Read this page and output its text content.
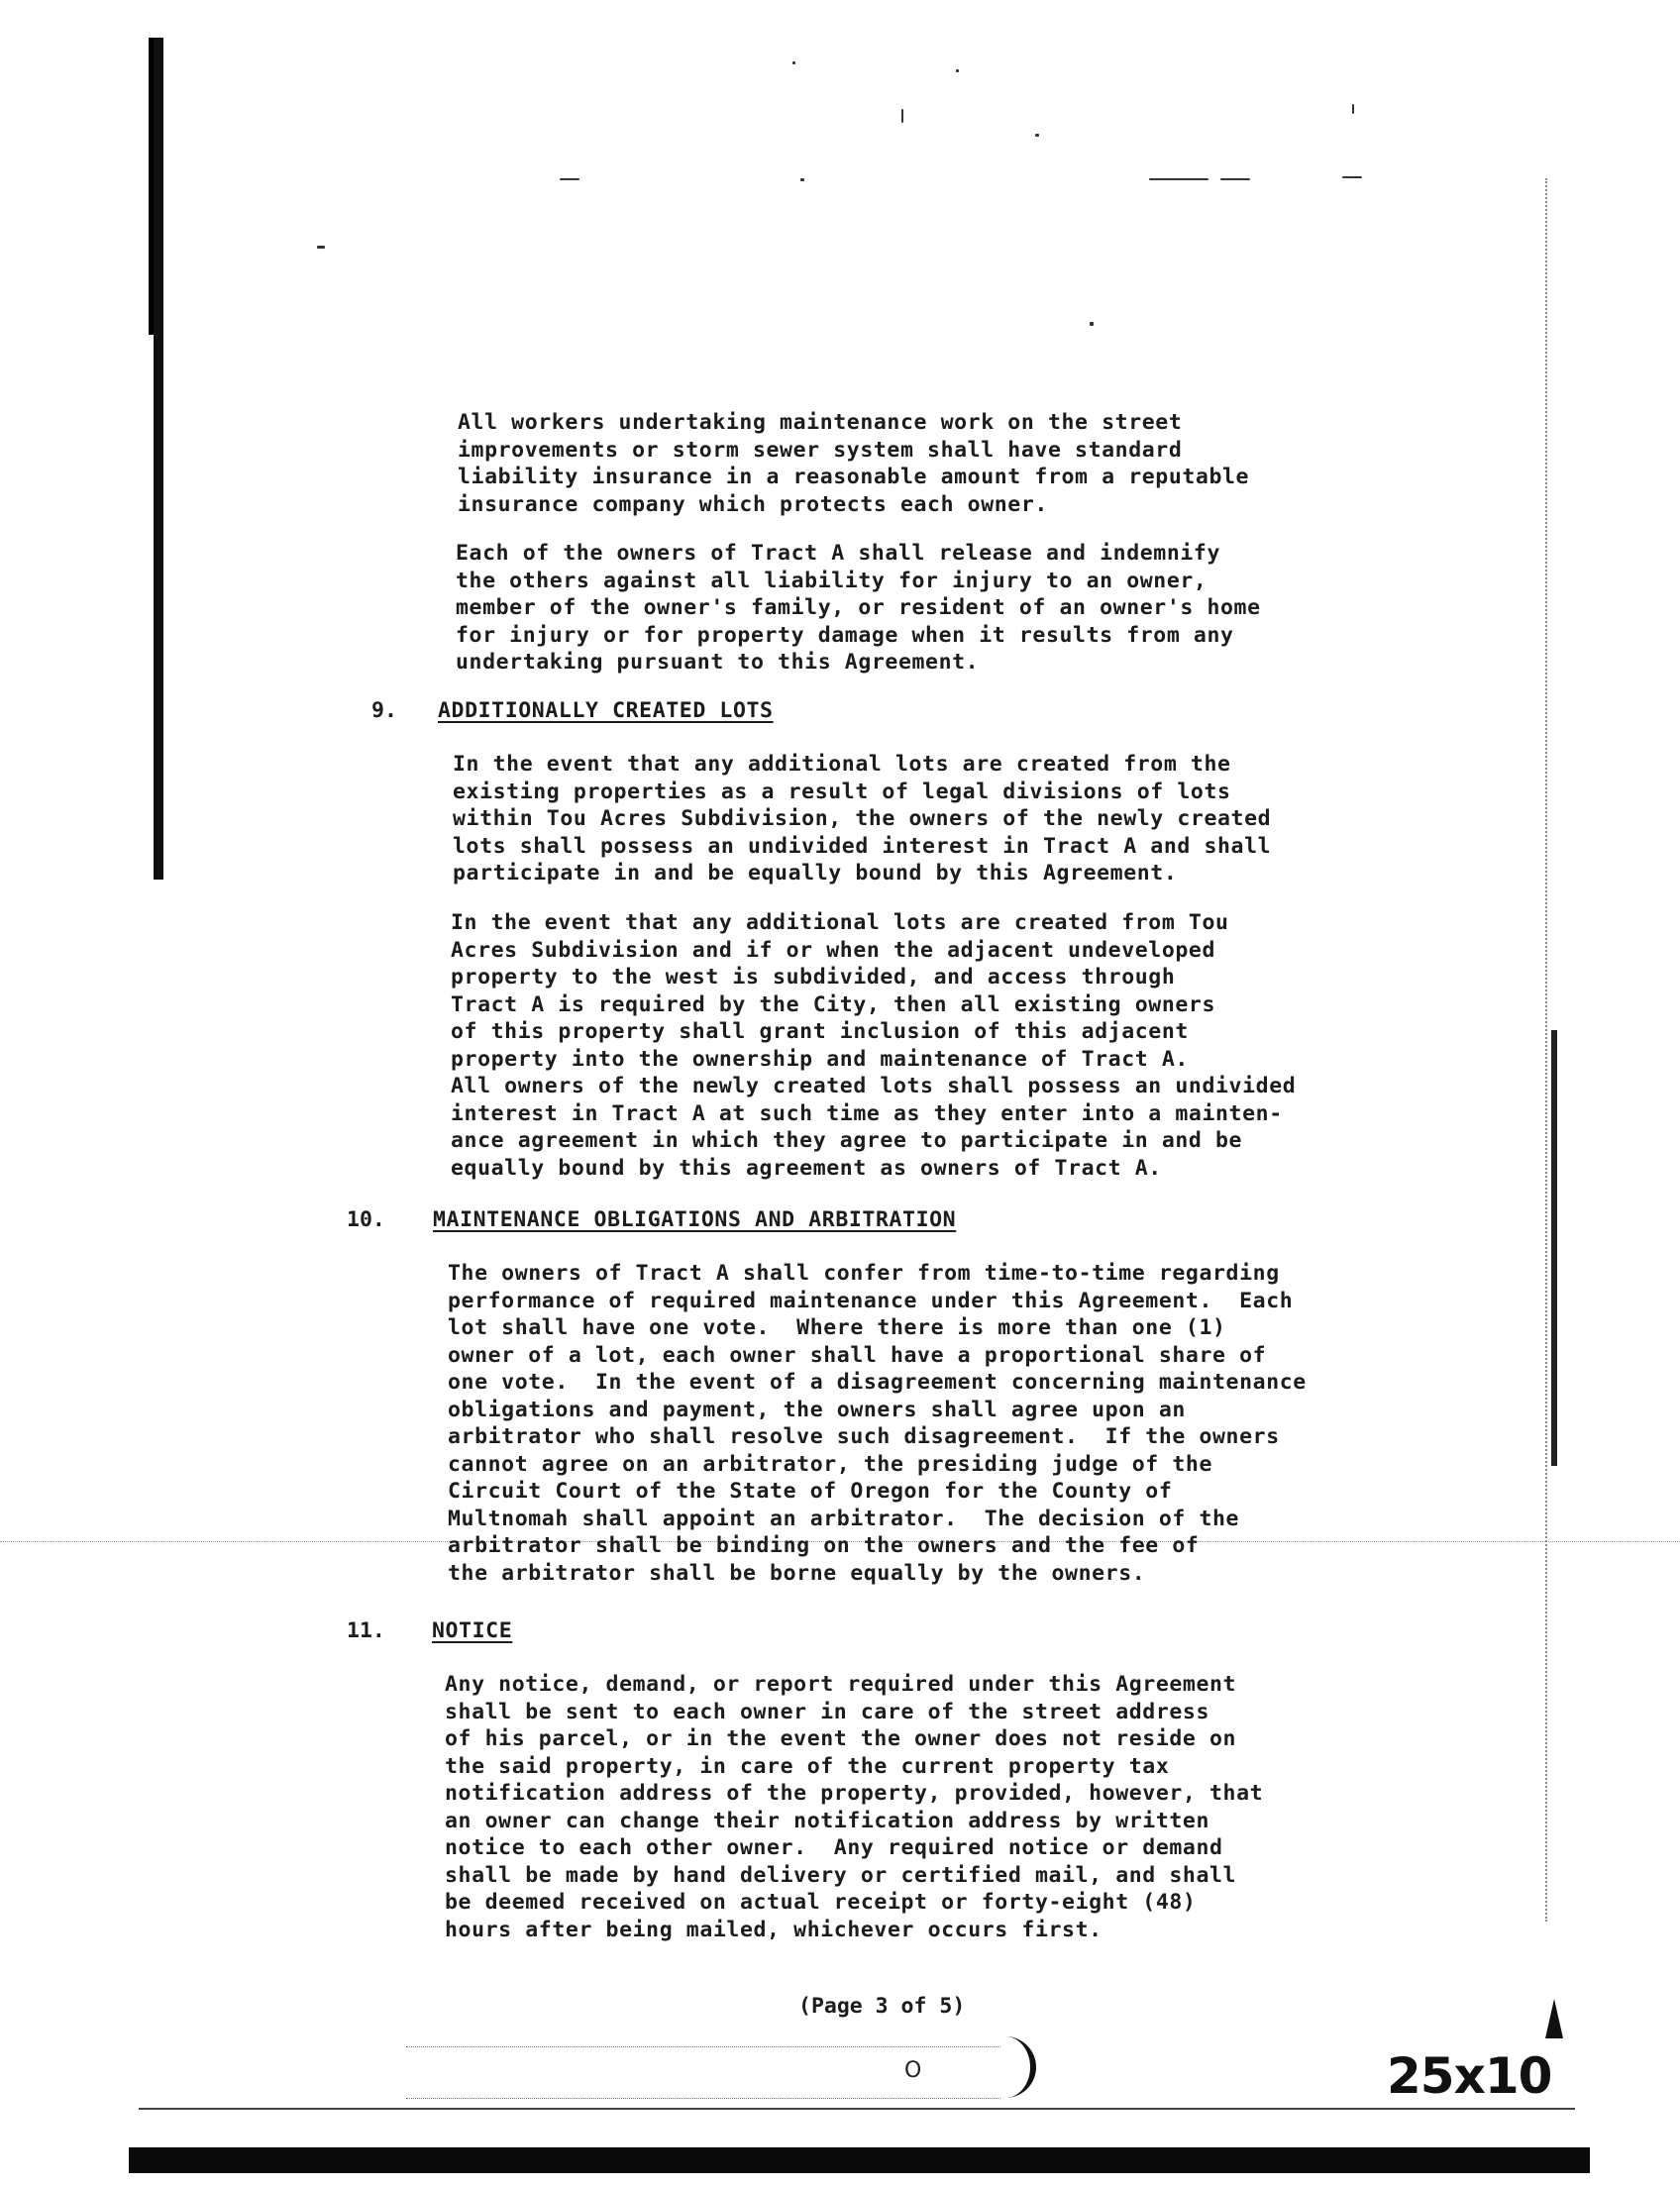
All workers undertaking maintenance work on the street
improvements or storm sewer system shall have standard
liability insurance in a reasonable amount from a reputable
insurance company which protects each owner.

Each of the owners of Tract A shall release and indemnify
the others against all liability for injury to an owner,
member of the owner's family, or resident of an owner's home
for injury or for property damage when it results from any
undertaking pursuant to this Agreement.

9. ADDITIONALLY CREATED LOTS

In the event that any additional lots are created from the
existing properties as a result of legal divisions of lots
within Tou Acres Subdivision, the owners of the newly created
lots shall possess an undivided interest in Tract A and shall
participate in and be equally bound by this Agreement.

In the event that any additional lots are created from Tou
Acres Subdivision and if or when the adjacent undeveloped
property to the west is subdivided, and access through
Tract A is required by the City, then all existing owners
of this property shall grant inclusion of this adjacent
property into the ownership and maintenance of Tract A.
All owners of the newly created lots shall possess an undivided
interest in Tract A at such time as they enter into a mainten-
ance agreement in which they agree to participate in and be
equally bound by this agreement as owners of Tract A.

10. MAINTENANCE OBLIGATIONS AND ARBITRATION

The owners of Tract A shall confer from time-to-time regarding
performance of required maintenance under this Agreement.  Each
lot shall have one vote.  Where there is more than one (1)
owner of a lot, each owner shall have a proportional share of
one vote.  In the event of a disagreement concerning maintenance
obligations and payment, the owners shall agree upon an
arbitrator who shall resolve such disagreement.  If the owners
cannot agree on an arbitrator, the presiding judge of the
Circuit Court of the State of Oregon for the County of
Multnomah shall appoint an arbitrator.  The decision of the
arbitrator shall be binding on the owners and the fee of
the arbitrator shall be borne equally by the owners.

11. NOTICE

Any notice, demand, or report required under this Agreement
shall be sent to each owner in care of the street address
of his parcel, or in the event the owner does not reside on
the said property, in care of the current property tax
notification address of the property, provided, however, that
an owner can change their notification address by written
notice to each other owner.  Any required notice or demand
shall be made by hand delivery or certified mail, and shall
be deemed received on actual receipt or forty-eight (48)
hours after being mailed, whichever occurs first.

(Page 3 of 5)

O	25x10
